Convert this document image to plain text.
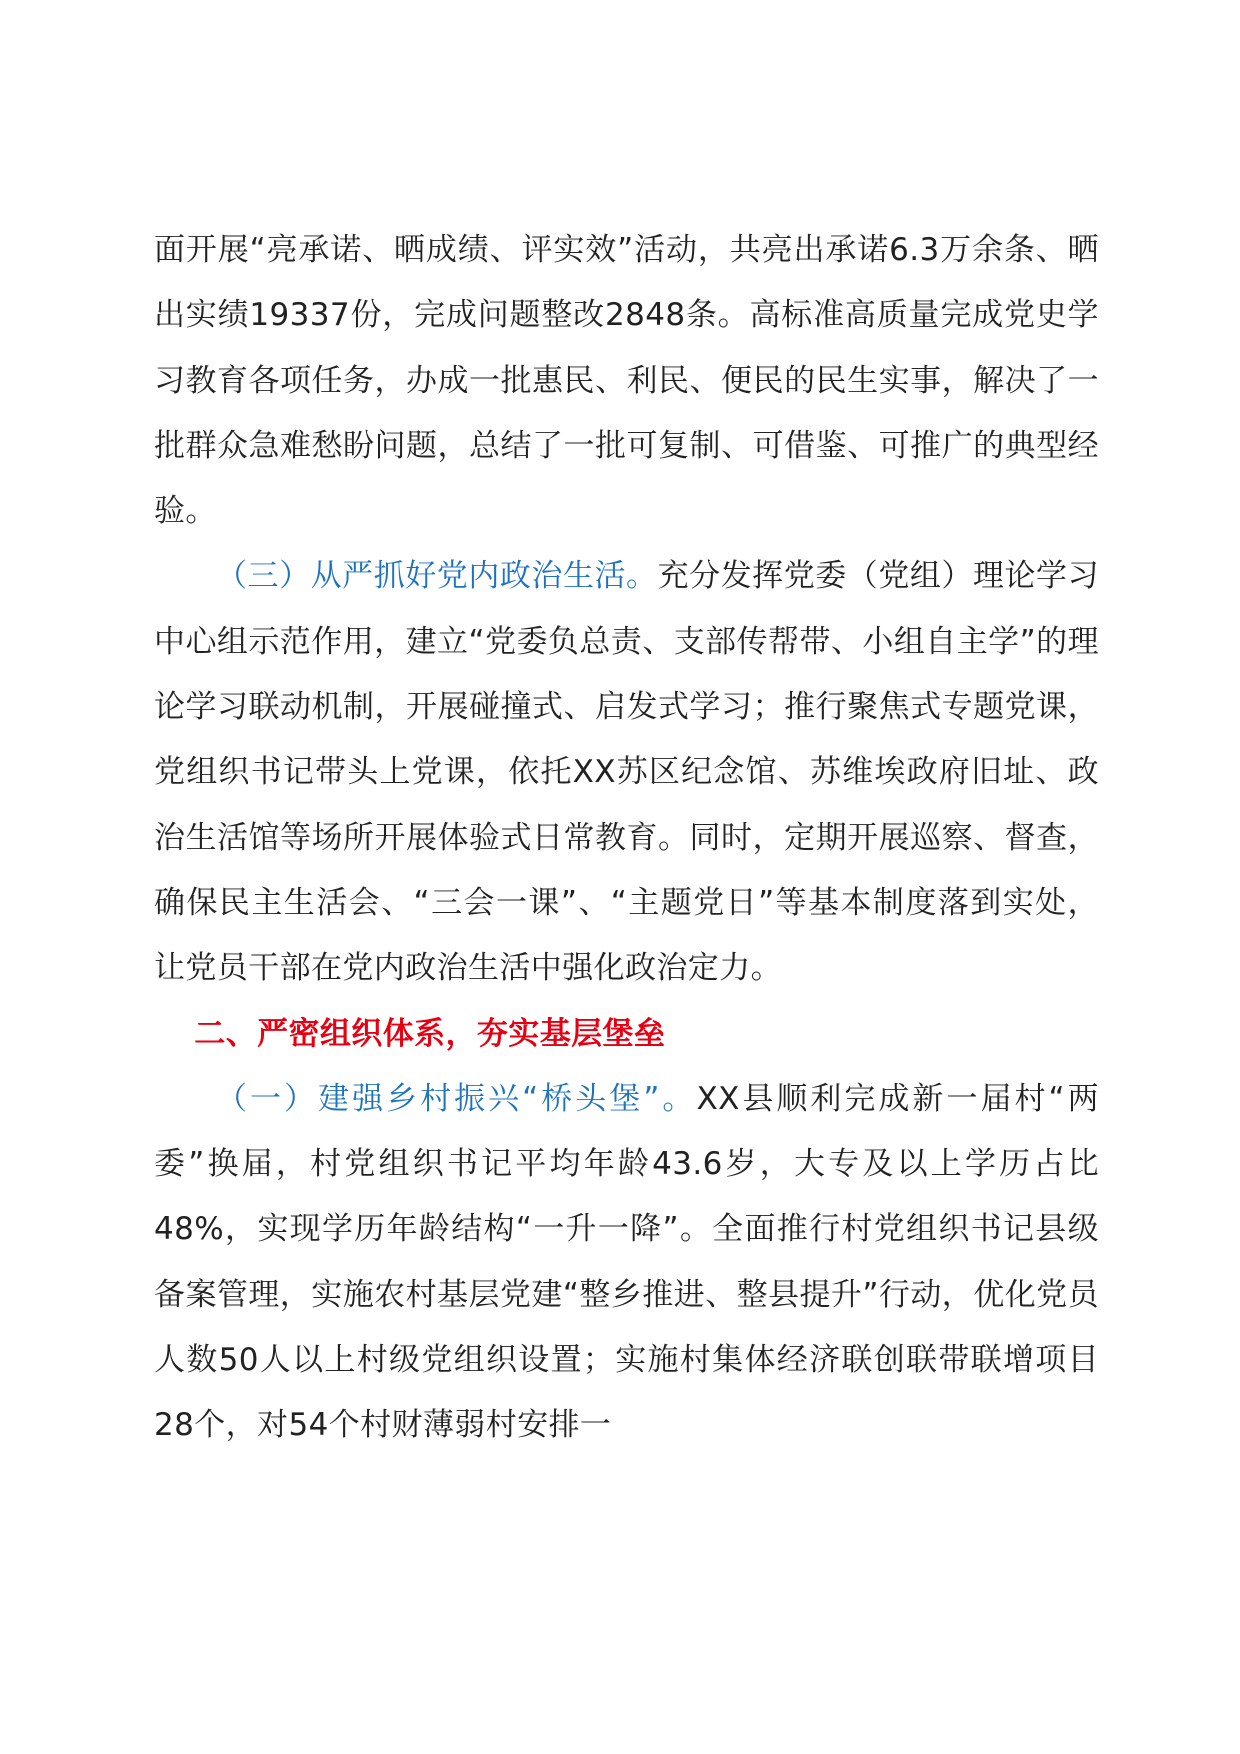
面开展“亮承诺、晒成绩、评实效”活动，共亮出承诺6.3万余条、晒出实绩19337份，完成问题整改2848条。高标准高质量完成党史学习教育各项任务，办成一批惠民、利民、便民的民生实事，解决了一批群众急难愁盼问题，总结了一批可复制、可借鉴、可推广的典型经验。

（三）从严抓好党内政治生活。充分发挥党委（党组）理论学习中心组示范作用，建立“党委负总责、支部传帮带、小组自主学”的理论学习联动机制，开展碰撞式、启发式学习；推行聚焦式专题党课，党组织书记带头上党课，依托XX苏区纪念馆、苏维埃政府旧址、政治生活馆等场所开展体验式日常教育。同时，定期开展巡察、督查，确保民主生活会、“三会一课”、“主题党日”等基本制度落到实处，让党员干部在党内政治生活中强化政治定力。

二、严密组织体系，夯实基层堡垒

（一）建强乡村振兴“桥头堡”。XX县顺利完成新一届村“两委”换届，村党组织书记平均年龄43.6岁，大专及以上学历占比48%，实现学历年龄结构“一升一降”。全面推行村党组织书记县级备案管理，实施农村基层党建“整乡推进、整县提升”行动，优化党员人数50人以上村级党组织设置；实施村集体经济联创联带联增项目28个，对54个村财薄弱村安排一
